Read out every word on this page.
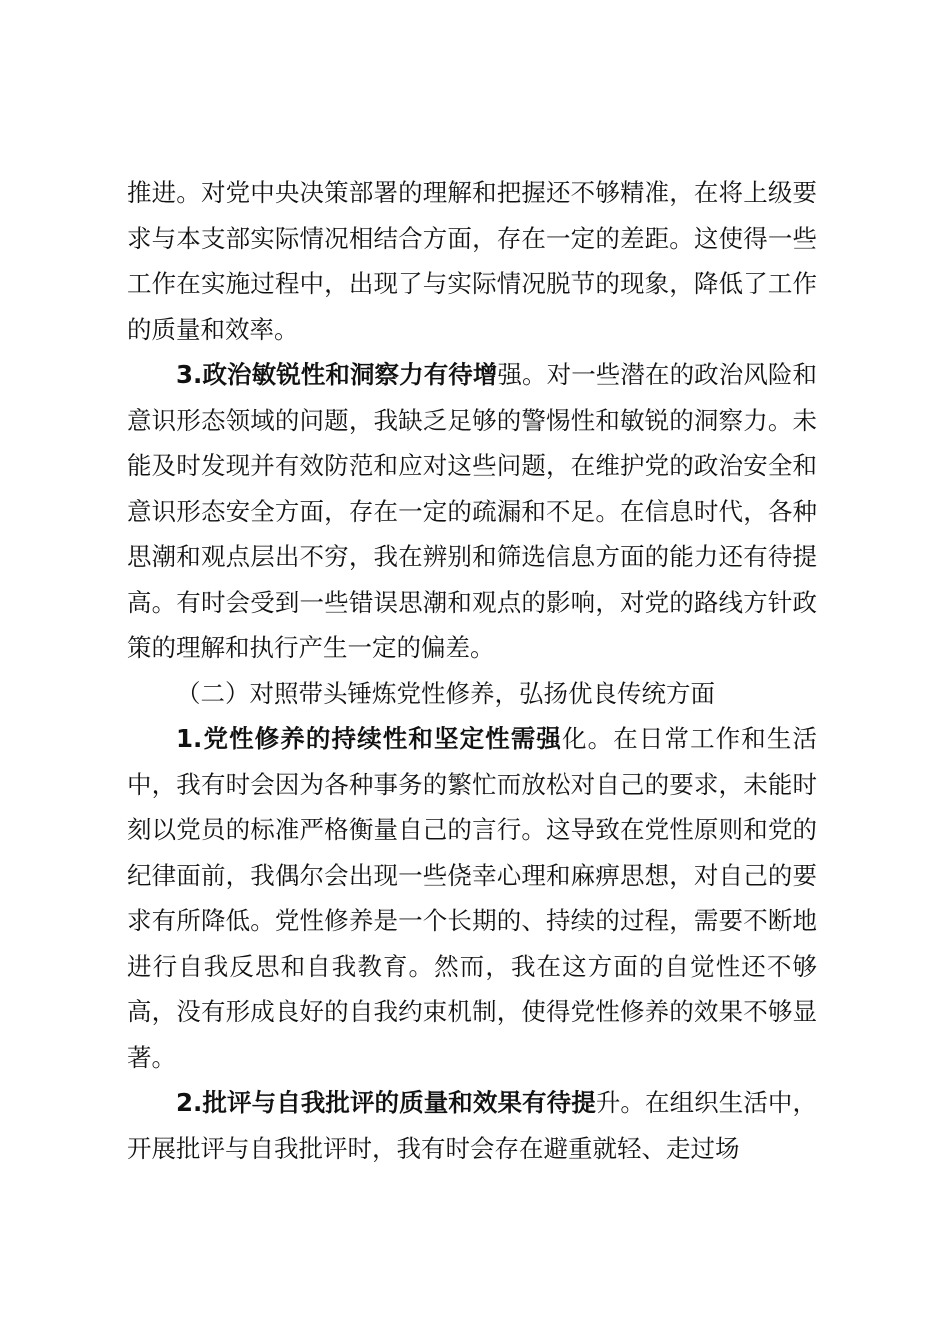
推进。对党中央决策部署的理解和把握还不够精准，在将上级要求与本支部实际情况相结合方面，存在一定的差距。这使得一些工作在实施过程中，出现了与实际情况脱节的现象，降低了工作的质量和效率。

3.政治敏锐性和洞察力有待增强。对一些潜在的政治风险和意识形态领域的问题，我缺乏足够的警惕性和敏锐的洞察力。未能及时发现并有效防范和应对这些问题，在维护党的政治安全和意识形态安全方面，存在一定的疏漏和不足。在信息时代，各种思潮和观点层出不穷，我在辨别和筛选信息方面的能力还有待提高。有时会受到一些错误思潮和观点的影响，对党的路线方针政策的理解和执行产生一定的偏差。

（二）对照带头锤炼党性修养，弘扬优良传统方面

1.党性修养的持续性和坚定性需强化。在日常工作和生活中，我有时会因为各种事务的繁忙而放松对自己的要求，未能时刻以党员的标准严格衡量自己的言行。这导致在党性原则和党的纪律面前，我偶尔会出现一些侥幸心理和麻痹思想，对自己的要求有所降低。党性修养是一个长期的、持续的过程，需要不断地进行自我反思和自我教育。然而，我在这方面的自觉性还不够高，没有形成良好的自我约束机制，使得党性修养的效果不够显著。

2.批评与自我批评的质量和效果有待提升。在组织生活中，开展批评与自我批评时，我有时会存在避重就轻、走过场
